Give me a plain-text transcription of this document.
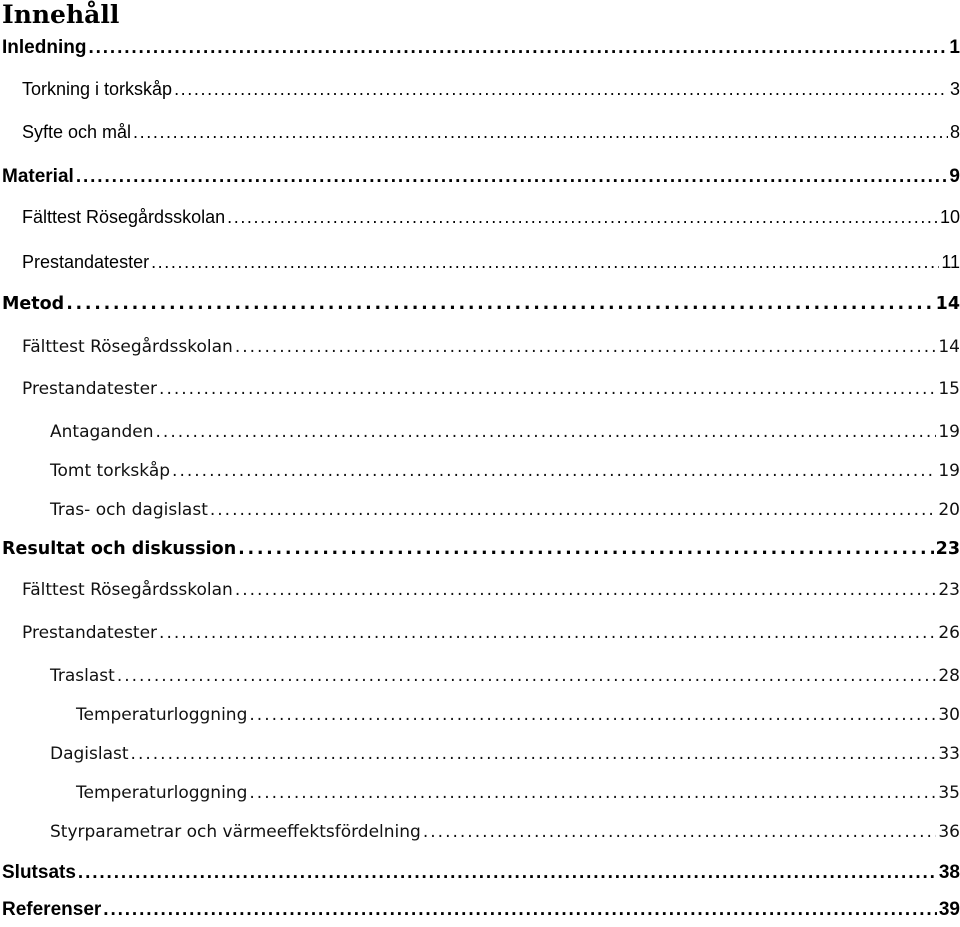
Innehåll
Inledning . . .	1
Torkning i torkskåp . . .	3
Syfte och mål . . .	8
Material . . .	9
Fälttest Rösegårdsskolan . . .	10
Prestandatester . . .	11
Metod . . .	14
Fälttest Rösegårdsskolan . . .	14
Prestandatester . . .	15
Antaganden . . .	19
Tomt torkskåp . . .	19
Tras- och dagislast . . .	20
Resultat och diskussion . . .	23
Fälttest Rösegårdsskolan . . .	23
Prestandatester . . .	26
Traslast . . .	28
Temperaturloggning . . .	30
Dagislast . . .	33
Temperaturloggning . . .	35
Styrparametrar och värmeeffektsfördelning . . .	36
Slutsats . . .	38
Referenser . . .	39
